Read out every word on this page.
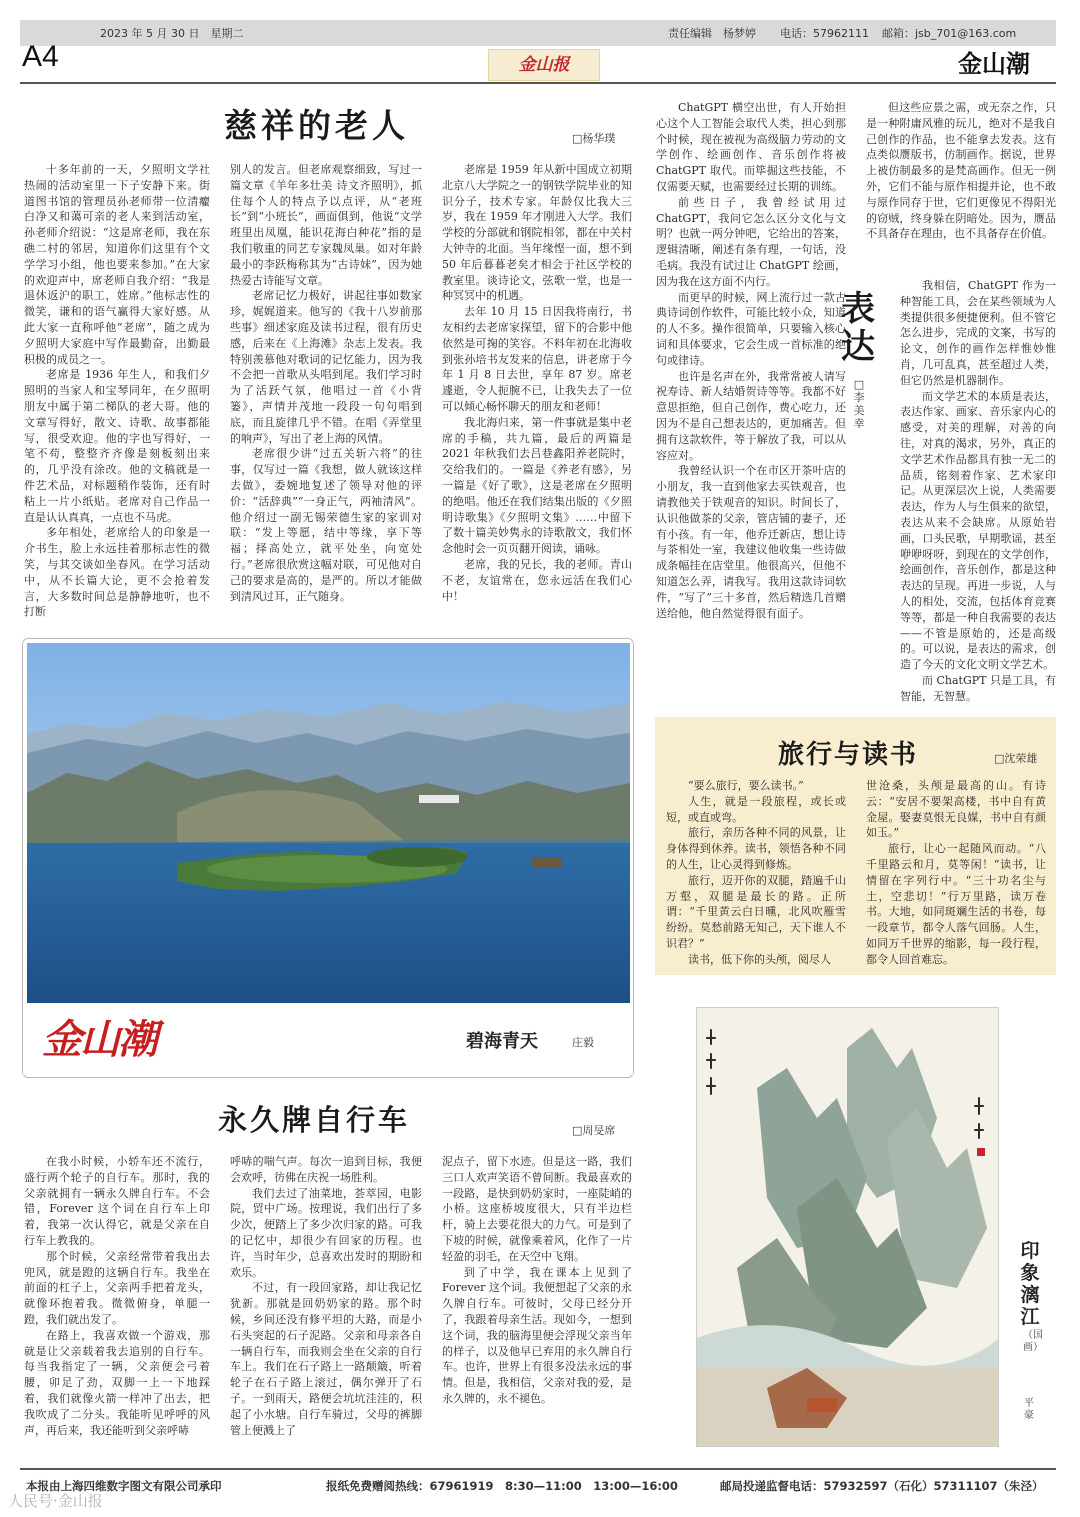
2023 年 5 月 30 日　星期二	责任编辑　杨梦婷 电话：57962111 邮箱：jsb_701@163.com
A4	金山报	金山潮
慈祥的老人	□杨华璞

十多年前的一天，夕照明文学社热闹的活动室里一下子安静下来。街道图书馆的管理员孙老师带一位清癯白净又和蔼可亲的老人来到活动室，孙老师介绍说：“这是席老师，我在东礁二村的邻居，知道你们这里有个文学学习小组，他也要来参加。”在大家的欢迎声中，席老师自我介绍：“我是退休返沪的职工，姓席。”他标志性的微笑，谦和的语气赢得大家好感。从此大家一直称呼他“老席”，随之成为夕照明大家庭中写作最勤奋，出勤最积极的成员之一。

老席是 1936 年生人，和我们夕照明的当家人和宝琴同年，在夕照明朋友中属于第二梯队的老大哥。他的文章写得好，散文、诗歌、故事都能写，很受欢迎。他的字也写得好，一笔不苟，整整齐齐像是刻板刻出来的，几乎没有涂改。他的文稿就是一件艺术品，对标题稍作装饰，还有时粘上一片小纸贴。老席对自己作品一直是认认真真，一点也不马虎。

多年相处，老席给人的印象是一介书生，脸上永远挂着那标志性的微笑，与其交谈如坐春风。在学习活动中，从不长篇大论，更不会抢着发言，大多数时间总是静静地听，也不打断

别人的发言。但老席观察细致，写过一篇文章《羊年多壮美 诗文齐照明》，抓住每个人的特点予以点评，从“老班长”到“小班长”，画面俱到，他说“文学班里出凤凰，能识花海白种花”指的是我们敬重的同艺专家魏凤巢。如对年龄最小的李跃梅称其为“古诗妹”，因为她热爱古诗能写文章。

老席记忆力极好，讲起往事如数家珍，娓娓道来。他写的《我十八岁前那些事》细述家庭及读书过程，很有历史感，后来在《上海滩》杂志上发表。我特别羡慕他对歌词的记忆能力，因为我不会把一首歌从头唱到尾。我们学习时为了活跃气氛，他唱过一首《小背篓》，声情并茂地一段段一句句唱到底，而且旋律几乎不错。在唱《弄堂里的响声》，写出了老上海的风情。

老席很少讲“过五关斩六将”的往事，仅写过一篇《我想，做人就该这样去做》，委婉地复述了领导对他的评价：“活辞典”“一身正气，两袖清风”。他介绍过一副无锡荣德生家的家训对联：“发上等愿，结中等缘，享下等福；择高处立，就平处坐，向宽处行。”老席很欣赏这幅对联，可见他对自己的要求是高的，是严的。所以才能做到清风过耳，正气随身。

老席是 1959 年从新中国成立初期北京八大学院之一的钢铁学院毕业的知识分子，技术专家。年龄仅比我大三岁，我在 1959 年才刚进入大学。我们学校的分部就和钢院相邻，都在中关村大钟寺的北面。当年缘悭一面，想不到 50 年后暮暮老矣才相会于社区学校的教室里。谈诗论文，弦歌一堂，也是一种冥冥中的机遇。

去年 10 月 15 日因我将南行，书友相约去老席家探望，留下的合影中他依然是可掬的笑容。不料年初在北海收到张孙培书友发来的信息，讲老席于今年 1 月 8 日去世，享年 87 岁。席老遽逝，令人扼腕不已，让我失去了一位可以倾心畅怀聊天的朋友和老师！

我北海归来，第一件事就是集中老席的手稿，共九篇，最后的两篇是 2021 年秋我们去吕巷鑫阳养老院时，交给我们的。一篇是《养老有感》，另一篇是《好了歌》，这是老席在夕照明的绝唱。他还在我们结集出版的《夕照明诗歌集》《夕照明文集》……中留下了数十篇美妙隽永的诗歌散文，我们怀念他时会一页页翻开阅读，诵咏。

老席，我的兄长，我的老师。青山不老，友谊常在，您永远活在我们心中！

ChatGPT 横空出世，有人开始担心这个人工智能会取代人类，担心到那个时候，现在被视为高级脑力劳动的文学创作、绘画创作、音乐创作将被 ChatGPT 取代。而筚掘这些技能，不仅需要天赋，也需要经过长期的训练。

前些日子，我曾经试用过 ChatGPT，我问它怎么区分文化与文明？也就一两分钟吧，它给出的答案，逻辑清晰，阐述有条有理，一句话，没毛病。我没有试过让 ChatGPT 绘画，因为我在这方面不内行。

而更早的时候，网上流行过一款古典诗词创作软件，可能比较小众，知道的人不多。操作很简单，只要输入核心词和具体要求，它会生成一首标准的绝句或律诗。

也许是名声在外，我常常被人请写祝寿诗、新人结婚贺诗等等。我都不好意思拒绝，但自己创作，费心吃力，还因为不是自己想表达的，更加痛苦。但拥有这款软件，等于解放了我，可以从容应对。

我曾经认识一个在市区开茶叶店的小朋友，我一直到他家去买铁观音，也请教他关于铁观音的知识。时间长了，认识他做茶的父亲，管店铺的妻子，还有小孩。有一年，他乔迁新店，想让诗与茶相处一室，我建议他收集一些诗做成条幅挂在店堂里。他很高兴，但他不知道怎么弄，请我写。我用这款诗词软件，“写了”三十多首，然后精选几首赠送给他，他自然觉得很有面子。

但这些应景之需，或无奈之作，只是一种附庸风雅的玩儿，绝对不是我自己创作的作品，也不能拿去发表。这有点类似赝版书，仿制画作。据说，世界上被仿制最多的是梵高画作。但无一例外，它们不能与原作相提并论，也不敢与原作同存于世，它们更像见不得阳光的窃贼，终身躲在阴暗处。因为，赝品不具备存在理由，也不具备存在价值。

表达
□李美幸

我相信，ChatGPT 作为一种智能工具，会在某些领域为人类提供很多便捷便利。但不管它怎么进步，完成的文案，书写的论文，创作的画作怎样惟妙惟肖，几可乱真，甚至超过人类，但它仍然是机器制作。

而文学艺术的本质是表达，表达作家、画家、音乐家内心的感受，对美的理解，对善的向往，对真的渴求，另外，真正的文学艺术作品都具有独一无二的品质，铭刻着作家、艺术家印记。从更深层次上说，人类需要表达，作为人与生俱来的欲望，表达从来不会缺席。从原始岩画，口头民歌，早期歌谣，甚至咿咿呀呀，到现在的文学创作，绘画创作，音乐创作，都是这种表达的呈现。再进一步说，人与人的相处，交流，包括体育竞赛等等，都是一种自我需要的表达——不管是原始的，还是高级的。可以说，是表达的需求，创造了今天的文化文明文学艺术。

而 ChatGPT 只是工具，有智能，无智慧。

金山潮	碧海青天	庄毅
旅行与读书	□沈荣雄

“要么旅行，要么读书。”

人生，就是一段旅程，或长或短，或直或弯。

旅行，亲历各种不同的风景，让身体得到休养。读书，领悟各种不同的人生，让心灵得到修炼。

旅行，迈开你的双腿，踏遍千山万壑，双腿是最长的路。正所谓：“千里黄云白日曛，北风吹雁雪纷纷。莫愁前路无知己，天下谁人不识君？”

读书，低下你的头颅，阅尽人

世沧桑，头颅是最高的山。有诗云：“安居不要架高楼，书中自有黄金屋。娶妻莫恨无良媒，书中自有颜如玉。”

旅行，让心一起随风而动。“八千里路云和月，莫等闲！”读书，让情留在字列行中。“三十功名尘与土，空悲切！”行万里路，读万卷书。大地，如同斑斓生活的书卷，每一段章节，都令人落气回肠。人生，如同万千世界的缩影，每一段行程，都令人回首难忘。

永久牌自行车	□周旻席

在我小时候，小轿车还不流行，盛行两个轮子的自行车。那时，我的父亲就拥有一辆永久牌自行车。不会错，Forever 这个词在自行车上印着，我第一次认得它，就是父亲在自行车上教我的。

那个时候，父亲经常带着我出去兜风，就是蹬的这辆自行车。我坐在前面的杠子上，父亲两手把着龙头，就像环抱着我。微微俯身，单腿一蹬，我们就出发了。

在路上，我喜欢做一个游戏，那就是让父亲载着我去追别的自行车。每当我指定了一辆，父亲便会弓着腰，卯足了劲，双脚一上一下地踩着，我们就像火箭一样冲了出去，把我吹成了二分头。我能听见呼呼的风声，再后来，我还能听到父亲呼哧

呼哧的喘气声。每次一追到目标，我便会欢呼，彷佛在庆祝一场胜利。

我们去过了油菜地，荟萃园，电影院，贸中广场。按理说，我们出行了多少次，便踏上了多少次归家的路。可我的记忆中，却很少有回家的历程。也许，当时年少，总喜欢出发时的期盼和欢乐。

不过，有一段回家路，却让我记忆犹新。那就是回奶奶家的路。那个时候，乡间还没有修平坦的大路，而是小石头突起的石子泥路。父亲和母亲各自一辆自行车，而我则会坐在父亲的自行车上。我们在石子路上一路颠簸，听着轮子在石子路上滚过，偶尔弹开了石子。一到雨天，路便会坑坑洼洼的，积起了小水塘。自行车骑过，父母的裤脚管上便溅上了

泥点子，留下水迹。但是这一路，我们三口人欢声笑语不曾间断。我最喜欢的一段路，是快到奶奶家时，一座陡峭的小桥。这座桥坡度很大，只有半边栏杆，骑上去要花很大的力气。可是到了下坡的时候，就像乘着风，化作了一片轻盈的羽毛，在天空中飞翔。

到了中学，我在课本上见到了 Forever 这个词。我便想起了父亲的永久牌自行车。可彼时，父母已经分开了，我跟着母亲生活。现如今，一想到这个词，我的脑海里便会浮现父亲当年的样子，以及他早已弃用的永久牌自行车。也许，世界上有很多没法永远的事情。但是，我相信，父亲对我的爱，是永久牌的，永不褪色。

印象漓江
（国画）
平豪
本报由上海四维数字图文有限公司承印	报纸免费赠阅热线：67961919　8:30—11:00　13:00—16:00	邮局投递监督电话：57932597（石化）57311107（朱泾）
人民号·金山报
